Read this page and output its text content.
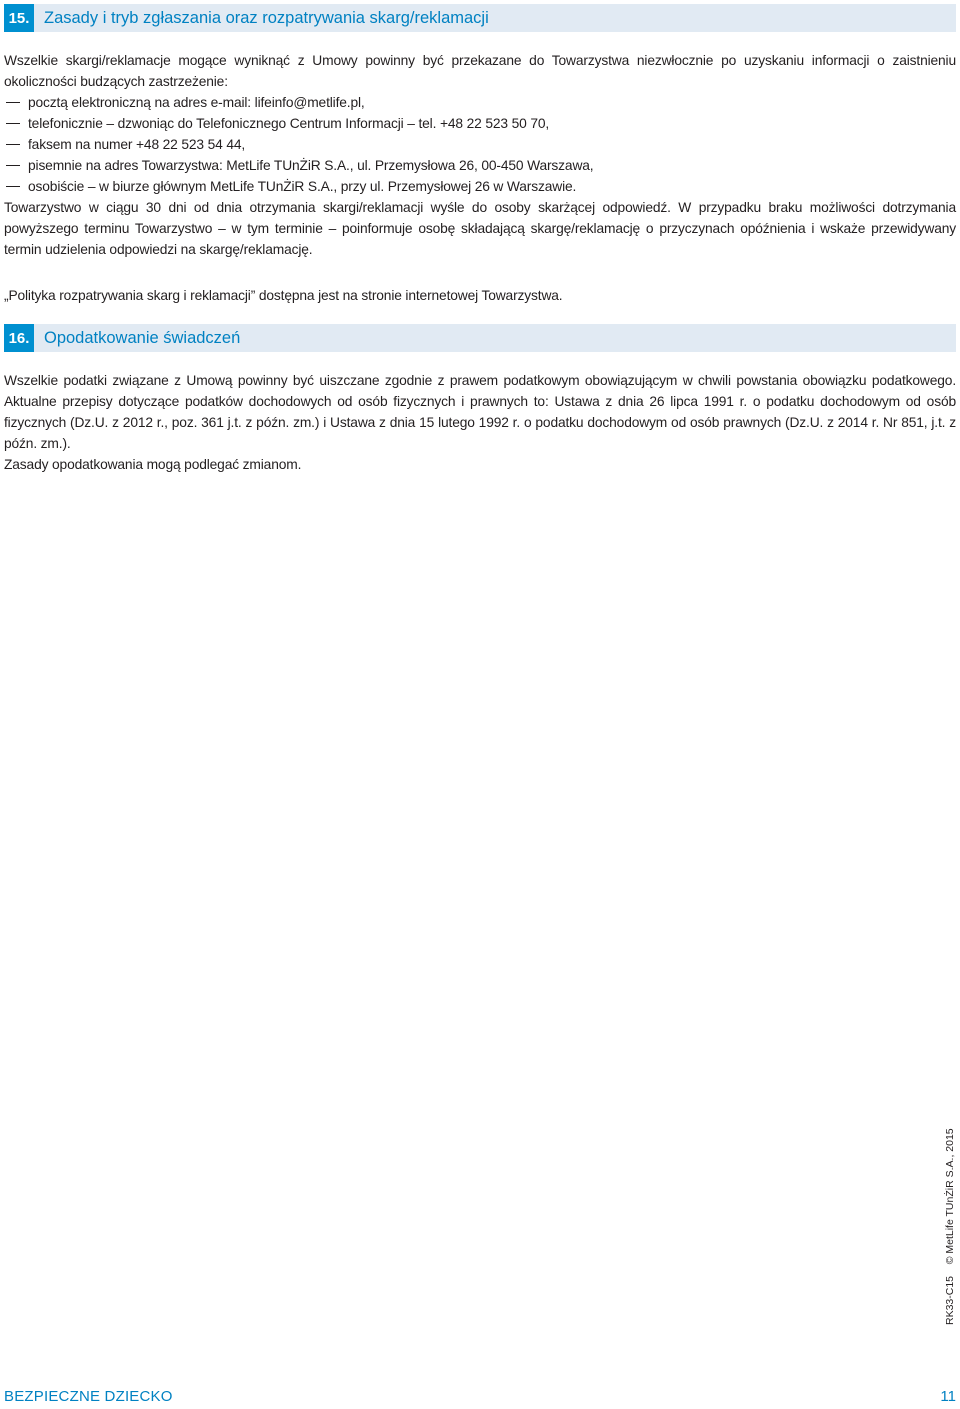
15. Zasady i tryb zgłaszania oraz rozpatrywania skarg/reklamacji

Wszelkie skargi/reklamacje mogące wyniknąć z Umowy powinny być przekazane do Towarzystwa niezwłocznie po uzyskaniu informacji o zaistnieniu okoliczności budzących zastrzeżenie:

pocztą elektroniczną na adres e-mail: lifeinfo@metlife.pl,
telefonicznie – dzwoniąc do Telefonicznego Centrum Informacji – tel. +48 22 523 50 70,
faksem na numer +48 22 523 54 44,
pisemnie na adres Towarzystwa: MetLife TUnŻiR S.A., ul. Przemysłowa 26, 00-450 Warszawa,
osobiście – w biurze głównym MetLife TUnŻiR S.A., przy ul. Przemysłowej 26 w Warszawie.

Towarzystwo w ciągu 30 dni od dnia otrzymania skargi/reklamacji wyśle do osoby skarżącej odpowiedź. W przypadku braku możliwości dotrzymania powyższego terminu Towarzystwo – w tym terminie – poinformuje osobę składającą skargę/reklamację o przyczynach opóźnienia i wskaże przewidywany termin udzielenia odpowiedzi na skargę/reklamację.

„Polityka rozpatrywania skarg i reklamacji” dostępna jest na stronie internetowej Towarzystwa.
16. Opodatkowanie świadczeń

Wszelkie podatki związane z Umową powinny być uiszczane zgodnie z prawem podatkowym obowiązującym w chwili powstania obowiązku podatkowego. Aktualne przepisy dotyczące podatków dochodowych od osób fizycznych i prawnych to: Ustawa z dnia 26 lipca 1991 r. o podatku dochodowym od osób fizycznych (Dz.U. z 2012 r., poz. 361 j.t. z późn. zm.) i Ustawa z dnia 15 lutego 1992 r. o podatku dochodowym od osób prawnych (Dz.U. z 2014 r. Nr 851, j.t. z późn. zm.).

Zasady opodatkowania mogą podlegać zmianom.

RK33-C15    © MetLife TUnŻiR S.A., 2015
BEZPIECZNE DZIECKO	11
